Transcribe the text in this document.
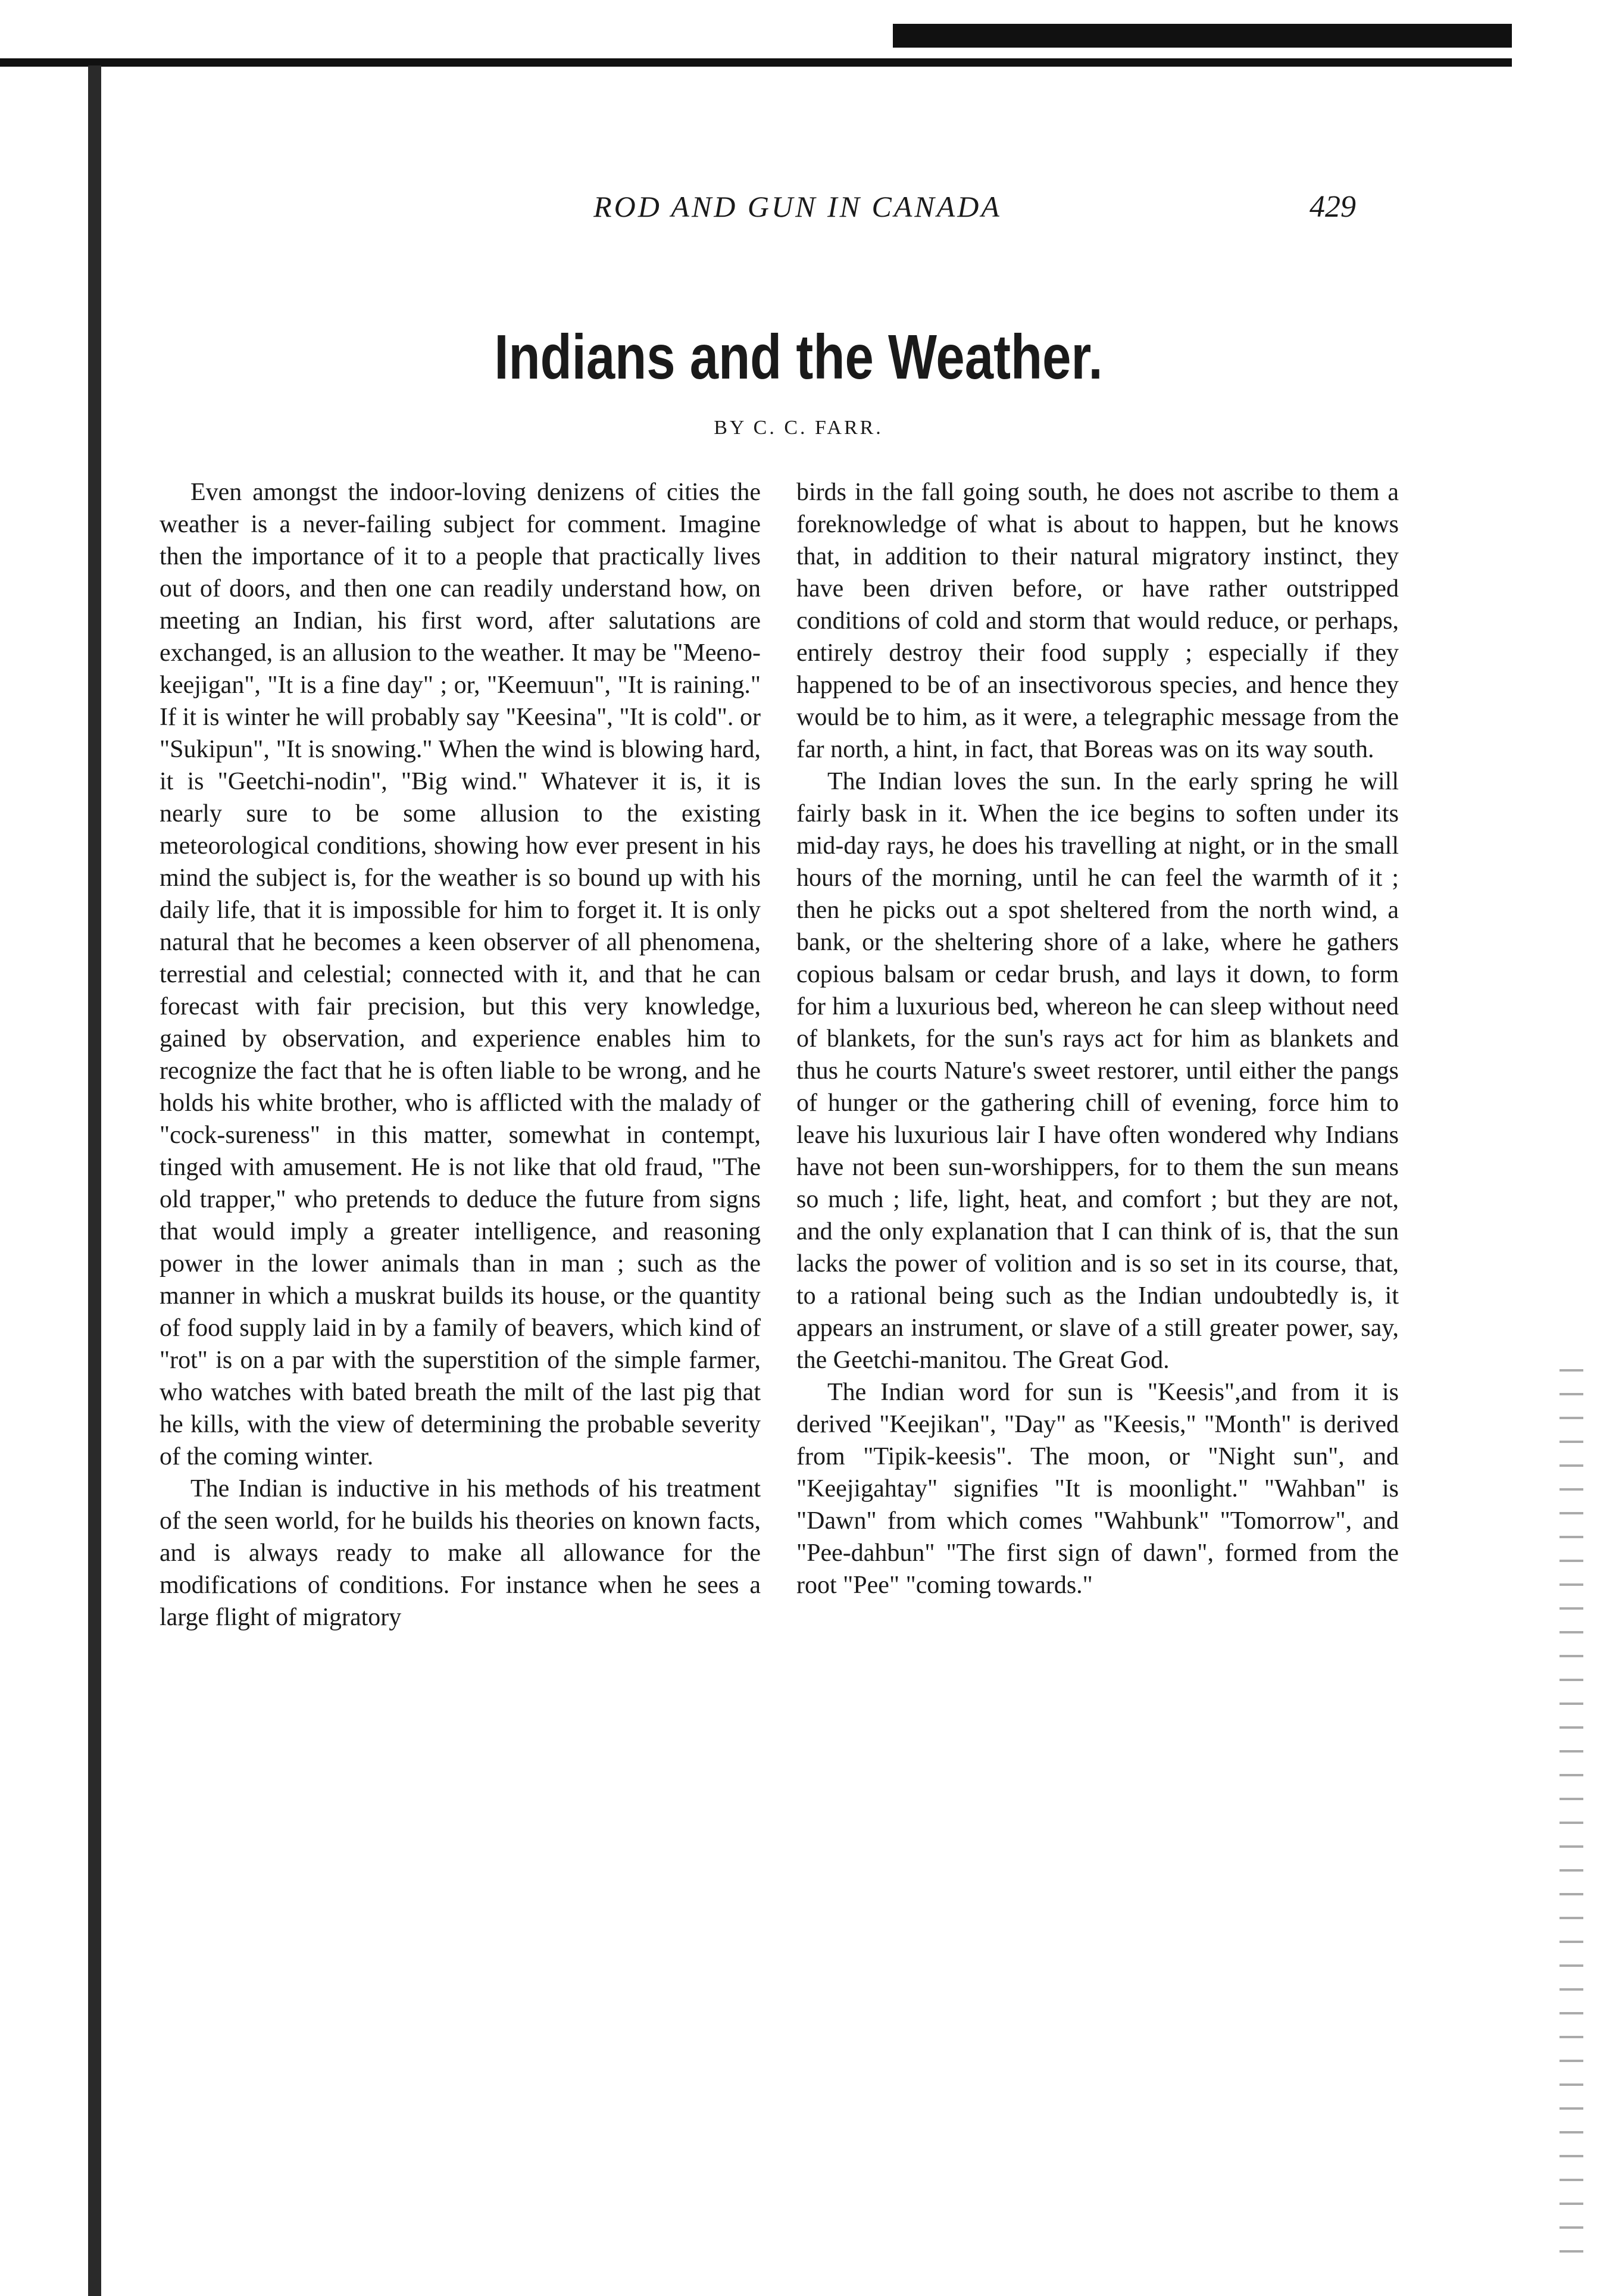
ROD AND GUN IN CANADA	429
Indians and the Weather.
BY C. C. FARR.

Even amongst the indoor-loving denizens of cities the weather is a never-failing subject for comment. Imagine then the importance of it to a people that practically lives out of doors, and then one can readily understand how, on meeting an Indian, his first word, after salutations are exchanged, is an allusion to the weather. It may be "Meeno-keejigan", "It is a fine day" ; or, "Keemuun", "It is raining." If it is winter he will probably say "Keesina", "It is cold". or "Sukipun", "It is snowing." When the wind is blowing hard, it is "Geetchi-nodin", "Big wind." Whatever it is, it is nearly sure to be some allusion to the existing meteorological conditions, showing how ever present in his mind the subject is, for the weather is so bound up with his daily life, that it is impossible for him to forget it. It is only natural that he becomes a keen observer of all phenomena, terrestial and celestial; connected with it, and that he can forecast with fair precision, but this very knowledge, gained by observation, and experience enables him to recognize the fact that he is often liable to be wrong, and he holds his white brother, who is afflicted with the malady of "cock-sureness" in this matter, somewhat in contempt, tinged with amusement. He is not like that old fraud, "The old trapper," who pretends to deduce the future from signs that would imply a greater intelligence, and reasoning power in the lower animals than in man ; such as the manner in which a muskrat builds its house, or the quantity of food supply laid in by a family of beavers, which kind of "rot" is on a par with the superstition of the simple farmer, who watches with bated breath the milt of the last pig that he kills, with the view of determining the probable severity of the coming winter.

The Indian is inductive in his methods of his treatment of the seen world, for he builds his theories on known facts, and is always ready to make all allowance for the modifications of conditions. For instance when he sees a large flight of migratory

birds in the fall going south, he does not ascribe to them a foreknowledge of what is about to happen, but he knows that, in addition to their natural migratory instinct, they have been driven before, or have rather outstripped conditions of cold and storm that would reduce, or perhaps, entirely destroy their food supply ; especially if they happened to be of an insectivorous species, and hence they would be to him, as it were, a telegraphic message from the far north, a hint, in fact, that Boreas was on its way south.

The Indian loves the sun. In the early spring he will fairly bask in it. When the ice begins to soften under its mid-day rays, he does his travelling at night, or in the small hours of the morning, until he can feel the warmth of it ; then he picks out a spot sheltered from the north wind, a bank, or the sheltering shore of a lake, where he gathers copious balsam or cedar brush, and lays it down, to form for him a luxurious bed, whereon he can sleep without need of blankets, for the sun's rays act for him as blankets and thus he courts Nature's sweet restorer, until either the pangs of hunger or the gathering chill of evening, force him to leave his luxurious lair I have often wondered why Indians have not been sun-worshippers, for to them the sun means so much ; life, light, heat, and comfort ; but they are not, and the only explanation that I can think of is, that the sun lacks the power of volition and is so set in its course, that, to a rational being such as the Indian undoubtedly is, it appears an instrument, or slave of a still greater power, say, the Geetchi-manitou. The Great God.

The Indian word for sun is "Keesis",and from it is derived "Keejikan", "Day" as "Keesis," "Month" is derived from "Tipik-keesis". The moon, or "Night sun", and "Keejigahtay" signifies "It is moonlight." "Wahban" is "Dawn" from which comes "Wahbunk" "Tomorrow", and "Pee-dahbun" "The first sign of dawn", formed from the root "Pee" "coming towards."
